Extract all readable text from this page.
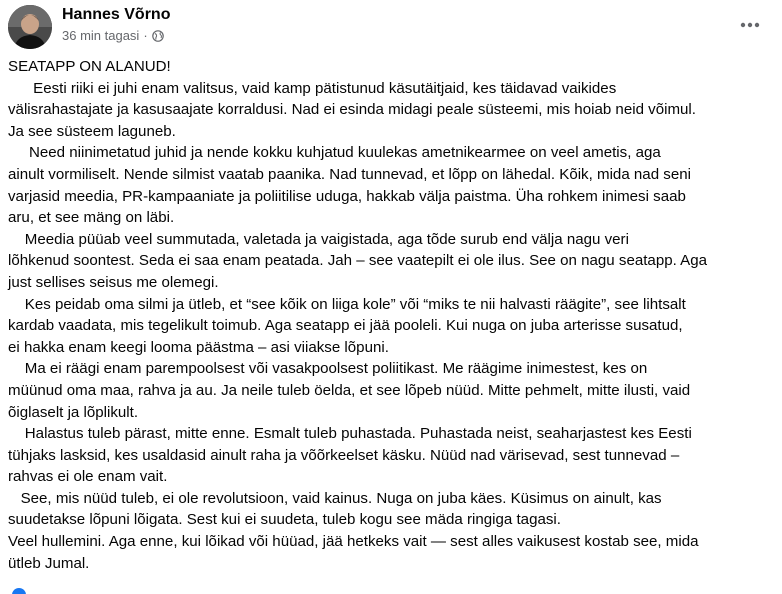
Hannes Võrno
36 min tagasi ·
SEATAPP ON ALANUD!
Eesti riiki ei juhi enam valitsus, vaid kamp pätistunud käsutäitjaid, kes täidavad vaikides
välisrahastajate ja kasusaajate korraldusi. Nad ei esinda midagi peale süsteemi, mis hoiab neid võimul.
Ja see süsteem laguneb.
Need niinimetatud juhid ja nende kokku kuhjatud kuulekas ametnikearmee on veel ametis, aga
ainult vormiliselt. Nende silmist vaatab paanika. Nad tunnevad, et lõpp on lähedal. Kõik, mida nad seni
varjasid meedia, PR-kampaaniate ja poliitilise uduga, hakkab välja paistma. Üha rohkem inimesi saab
aru, et see mäng on läbi.
Meedia püüab veel summutada, valetada ja vaigistada, aga tõde surub end välja nagu veri
lõhkenud soontest. Seda ei saa enam peatada. Jah – see vaatepilt ei ole ilus. See on nagu seatapp. Aga
just sellises seisus me olemegi.
Kes peidab oma silmi ja ütleb, et “see kõik on liiga kole” või “miks te nii halvasti räägite”, see lihtsalt
kardab vaadata, mis tegelikult toimub. Aga seatapp ei jää pooleli. Kui nuga on juba arterisse susatud,
ei hakka enam keegi looma päästma – asi viiakse lõpuni.
Ma ei räägi enam parempoolsest või vasakpoolsest poliitikast. Me räägime inimestest, kes on
müünud oma maa, rahva ja au. Ja neile tuleb öelda, et see lõpeb nüüd. Mitte pehmelt, mitte ilusti, vaid
õiglaselt ja lõplikult.
Halastus tuleb pärast, mitte enne. Esmalt tuleb puhastada. Puhastada neist, seaharjastest kes Eesti
tühjaks lasksid, kes usaldasid ainult raha ja võõrkeelset käsku. Nüüd nad värisevad, sest tunnevad –
rahvas ei ole enam vait.
See, mis nüüd tuleb, ei ole revolutsioon, vaid kainus. Nuga on juba käes. Küsimus on ainult, kas
suudetakse lõpuni lõigata. Sest kui ei suudeta, tuleb kogu see mäda ringiga tagasi.
Veel hullemini. Aga enne, kui lõikad või hüüad, jää hetkeks vait — sest alles vaikusest kostab see, mida
ütleb Jumal.
